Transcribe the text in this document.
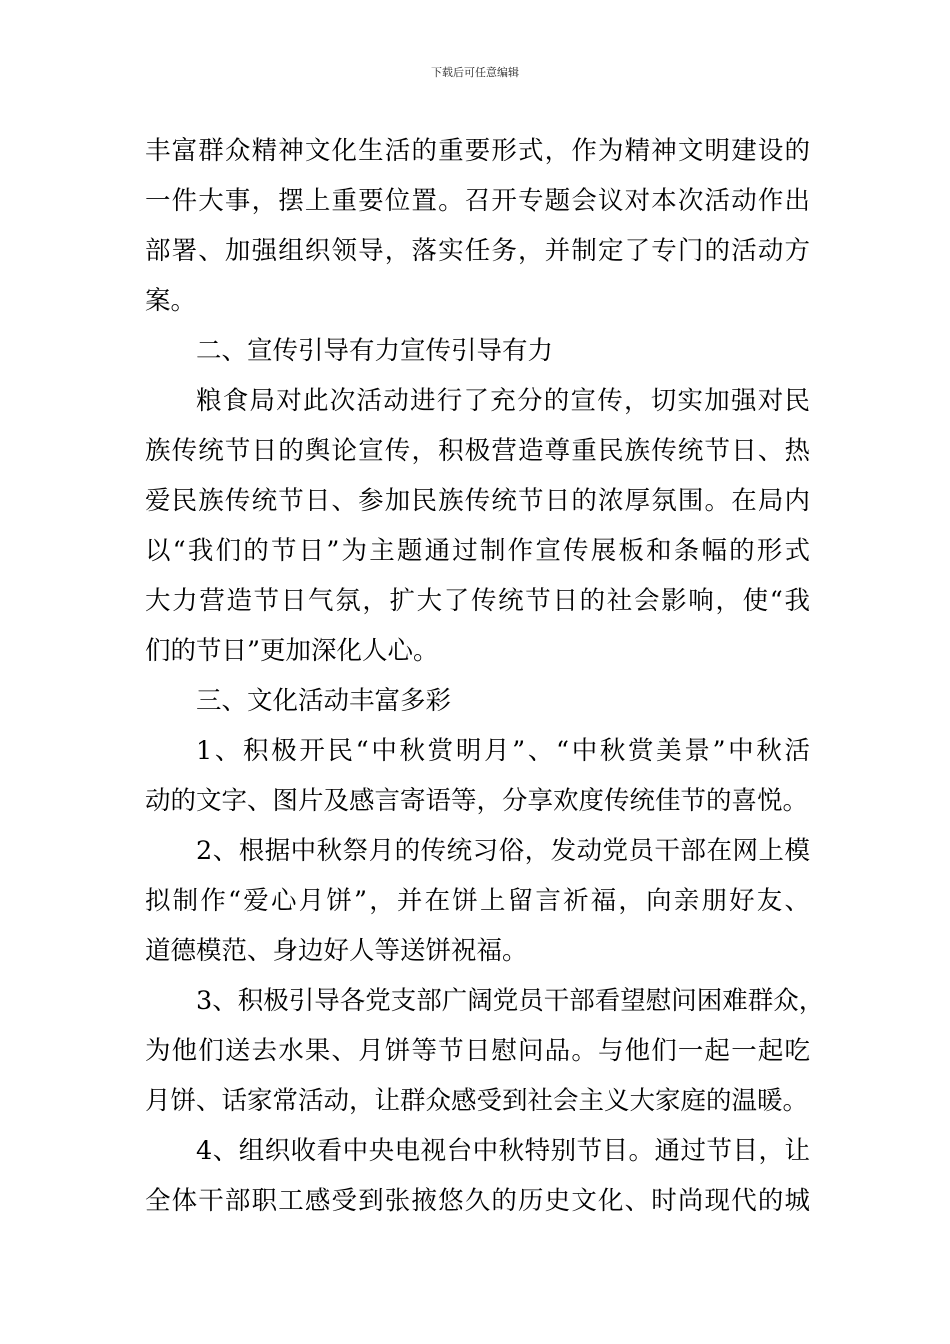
下载后可任意编辑
丰富群众精神文化生活的重要形式，作为精神文明建设的
一件大事，摆上重要位置。召开专题会议对本次活动作出
部署、加强组织领导，落实任务，并制定了专门的活动方
案。
二、宣传引导有力宣传引导有力
粮食局对此次活动进行了充分的宣传，切实加强对民
族传统节日的舆论宣传，积极营造尊重民族传统节日、热
爱民族传统节日、参加民族传统节日的浓厚氛围。在局内
以“我们的节日”为主题通过制作宣传展板和条幅的形式
大力营造节日气氛，扩大了传统节日的社会影响，使“我
们的节日”更加深化人心。
三、文化活动丰富多彩
1、积极开民“中秋赏明月”、“中秋赏美景”中秋活
动的文字、图片及感言寄语等，分享欢度传统佳节的喜悦。
2、根据中秋祭月的传统习俗，发动党员干部在网上模
拟制作“爱心月饼”，并在饼上留言祈福，向亲朋好友、
道德模范、身边好人等送饼祝福。
3、积极引导各党支部广阔党员干部看望慰问困难群众，
为他们送去水果、月饼等节日慰问品。与他们一起一起吃
月饼、话家常活动，让群众感受到社会主义大家庭的温暖。
4、组织收看中央电视台中秋特别节目。通过节目，让
全体干部职工感受到张掖悠久的历史文化、时尚现代的城
